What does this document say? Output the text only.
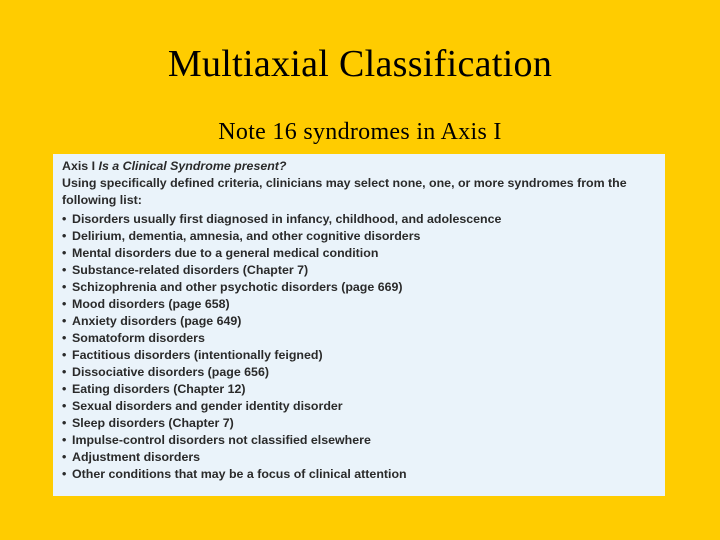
Multiaxial Classification
Note 16 syndromes in Axis I

Axis I Is a Clinical Syndrome present?

Using specifically defined criteria, clinicians may select none, one, or more syndromes from the following list:

• Disorders usually first diagnosed in infancy, childhood, and adolescence
• Delirium, dementia, amnesia, and other cognitive disorders
• Mental disorders due to a general medical condition
• Substance-related disorders (Chapter 7)
• Schizophrenia and other psychotic disorders (page 669)
• Mood disorders (page 658)
• Anxiety disorders (page 649)
• Somatoform disorders
• Factitious disorders (intentionally feigned)
• Dissociative disorders (page 656)
• Eating disorders (Chapter 12)
• Sexual disorders and gender identity disorder
• Sleep disorders (Chapter 7)
• Impulse-control disorders not classified elsewhere
• Adjustment disorders
• Other conditions that may be a focus of clinical attention
